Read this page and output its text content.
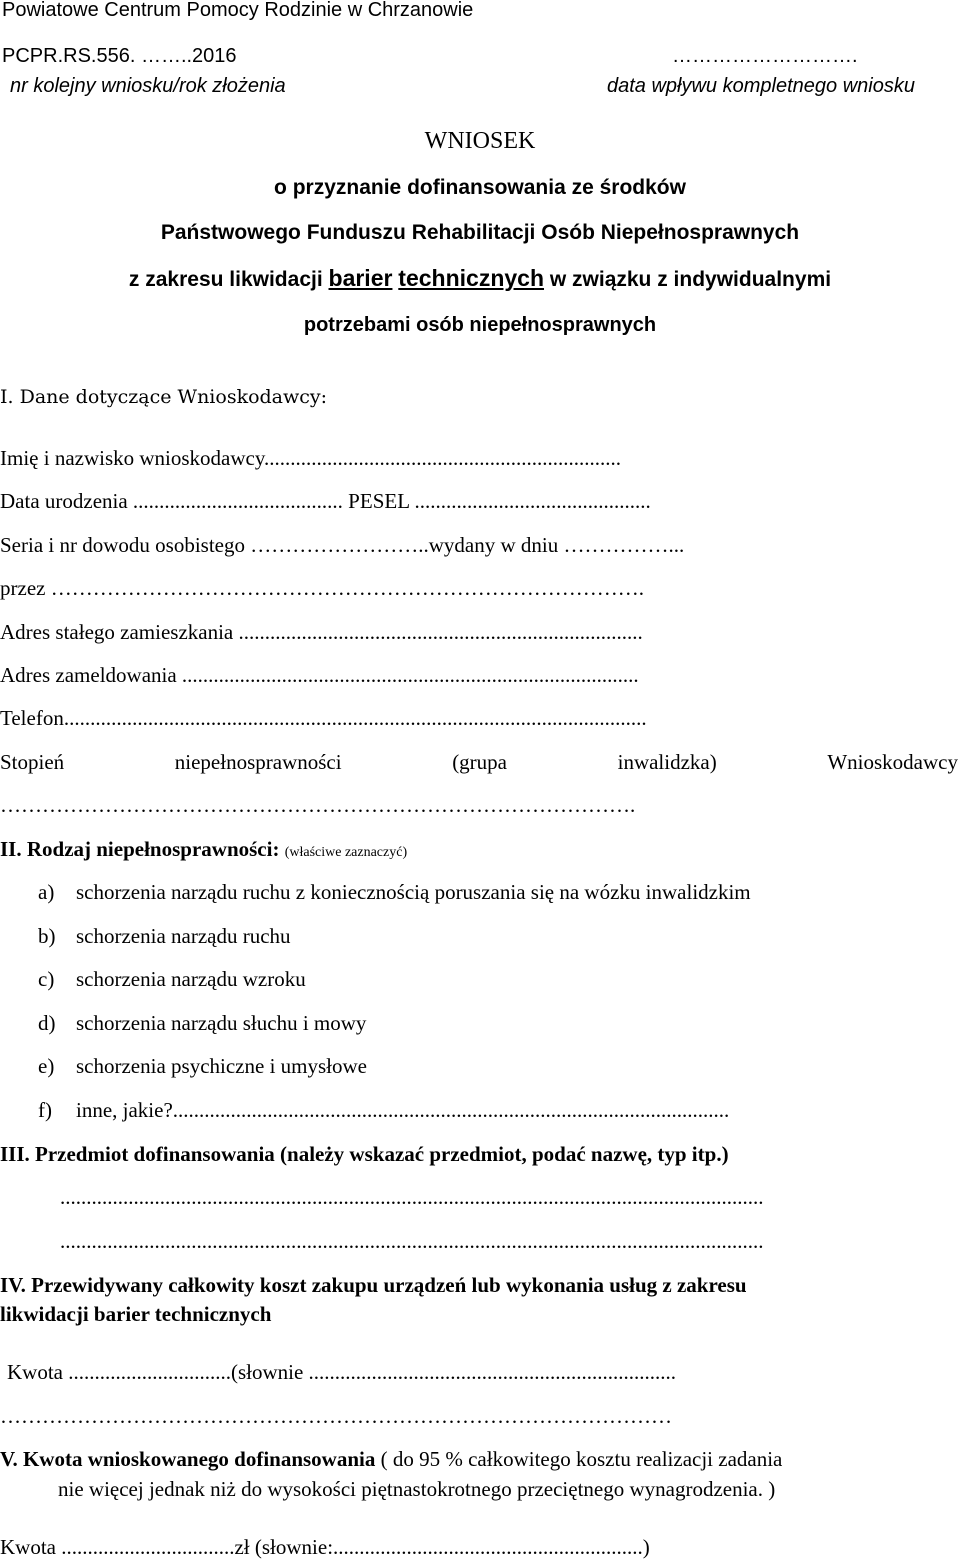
Powiatowe Centrum Pomocy Rodzinie w Chrzanowie
PCPR.RS.556. ……..2016	……………………….
nr kolejny wniosku/rok złożenia	data wpływu kompletnego wniosku
WNIOSEK
o przyznanie dofinansowania ze środków
Państwowego Funduszu Rehabilitacji Osób Niepełnosprawnych
z zakresu likwidacji barier technicznych w związku z indywidualnymi
potrzebami osób niepełnosprawnych
I. Dane dotyczące Wnioskodawcy:
Imię i nazwisko wnioskodawcy....................................................................
Data urodzenia ........................................ PESEL .............................................
Seria i nr dowodu osobistego ……………………..wydany w dniu ……………...
przez ………………………………………………………………………….
Adres stałego zamieszkania .............................................................................
Adres zameldowania .......................................................................................
Telefon...............................................................................................................
Stopień	niepełnosprawności	(grupa	inwalidzka)	Wnioskodawcy
……………………………………………………………………………….
II. Rodzaj niepełnosprawności: (właściwe zaznaczyć)
a) schorzenia narządu ruchu z koniecznością poruszania się na wózku inwalidzkim
b) schorzenia narządu ruchu
c) schorzenia narządu wzroku
d) schorzenia narządu słuchu i mowy
e) schorzenia psychiczne i umysłowe
f) inne, jakie?..........................................................................................................
III. Przedmiot dofinansowania (należy wskazać przedmiot, podać nazwę, typ itp.)
......................................................................................................................................
......................................................................................................................................
IV. Przewidywany całkowity koszt zakupu urządzeń lub wykonania usług z zakresu
likwidacji barier technicznych
Kwota ...............................(słownie ......................................................................
……………………………………………………………………………………
V. Kwota wnioskowanego dofinansowania ( do 95 % całkowitego kosztu realizacji zadania
nie więcej jednak niż do wysokości piętnastokrotnego przeciętnego wynagrodzenia. )
Kwota .................................zł (słownie:...........................................................)
